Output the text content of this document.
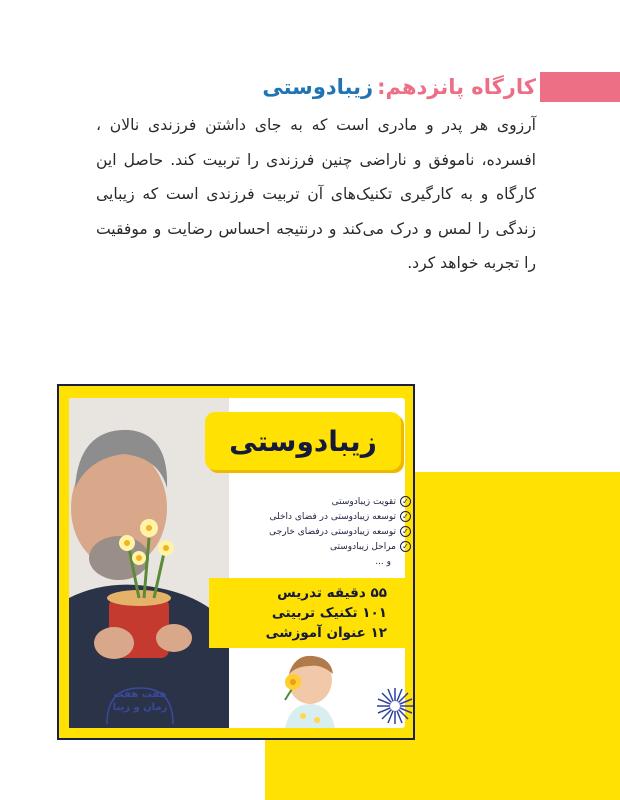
کارگاه پانزدهم:
زیبادوستی

آرزوی هر پدر و مادری است که به جای داشتن فرزندی نالان ، افسرده، ناموفق و ناراضی چنین فرزندی را تربیت کند. حاصل این کارگاه و به کارگیری تکنیک‌های آن تربیت فرزندی است که زیبایی زندگی را لمس و درک می‌کند و درنتیجه احساس رضایت و موفقیت را تجربه خواهد کرد.

زیبادوستی
✓
تقویت زیبادوستی
✓
توسعه زیبادوستی در فضای داخلی
✓
توسعه زیبادوستی درفضای خارجی
✓
مراحل زیبادوستی
و ...
۵۵ دقیقه تدریس
۱۰۱ تکنیک تربیتی
۱۲ عنوان آموزشی
هفت هفت زمان و زیبا
